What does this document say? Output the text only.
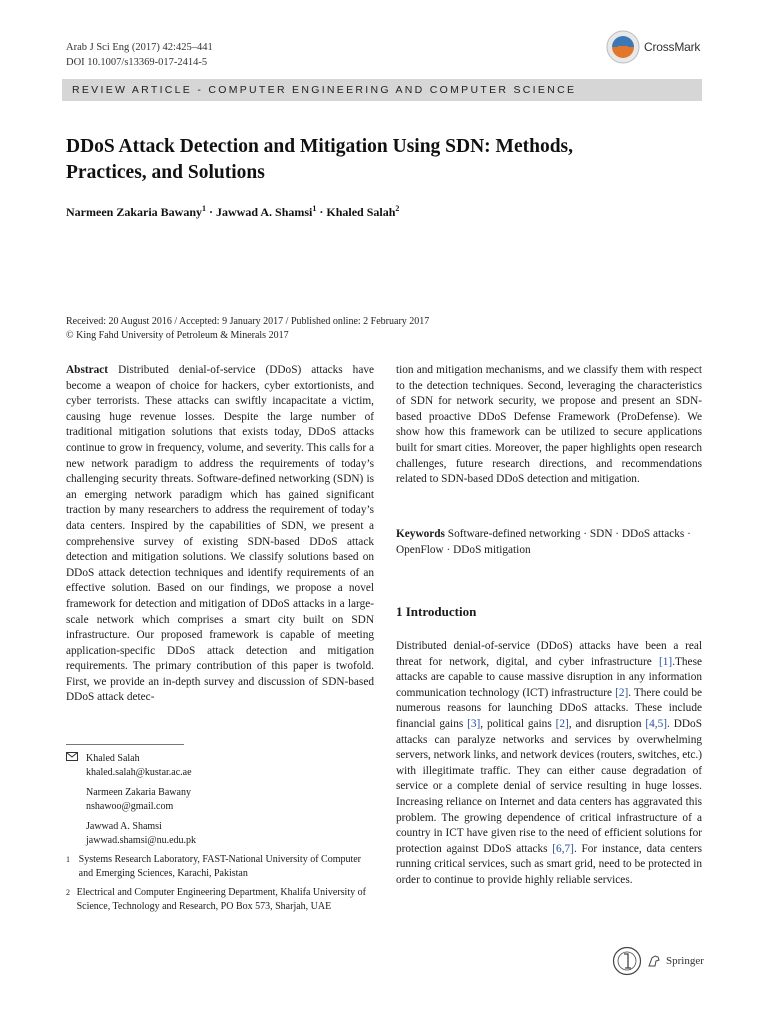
Arab J Sci Eng (2017) 42:425–441
DOI 10.1007/s13369-017-2414-5
CrossMark
REVIEW ARTICLE - COMPUTER ENGINEERING AND COMPUTER SCIENCE
DDoS Attack Detection and Mitigation Using SDN: Methods,
Practices, and Solutions
Narmeen Zakaria Bawany$^1$ · Jawwad A. Shamsi$^1$ · Khaled Salah$^2$
Received: 20 August 2016 / Accepted: 9 January 2017 / Published online: 2 February 2017
© King Fahd University of Petroleum & Minerals 2017
Abstract Distributed denial-of-service (DDoS) attacks have become a weapon of choice for hackers, cyber extortionists, and cyber terrorists. These attacks can swiftly incapacitate a victim, causing huge revenue losses. Despite the large number of traditional mitigation solutions that exists today, DDoS attacks continue to grow in frequency, volume, and severity. This calls for a new network paradigm to address the requirements of today’s challenging security threats. Software-defined networking (SDN) is an emerging network paradigm which has gained significant traction by many researchers to address the requirement of today’s data centers. Inspired by the capabilities of SDN, we present a comprehensive survey of existing SDN-based DDoS attack detection and mitigation solutions. We classify solutions based on DDoS attack detection techniques and identify requirements of an effective solution. Based on our findings, we propose a novel framework for detection and mitigation of DDoS attacks in a large-scale network which comprises a smart city built on SDN infrastructure. Our proposed framework is capable of meeting application-specific DDoS attack detection and mitigation requirements. The primary contribution of this paper is twofold. First, we provide an in-depth survey and discussion of SDN-based DDoS attack detec-
tion and mitigation mechanisms, and we classify them with respect to the detection techniques. Second, leveraging the characteristics of SDN for network security, we propose and present an SDN-based proactive DDoS Defense Framework (ProDefense). We show how this framework can be utilized to secure applications built for smart cities. Moreover, the paper highlights open research challenges, future research directions, and recommendations related to SDN-based DDoS detection and mitigation.
Keywords Software-defined networking · SDN · DDoS attacks · OpenFlow · DDoS mitigation
1 Introduction
Distributed denial-of-service (DDoS) attacks have been a real threat for network, digital, and cyber infrastructure [1].These attacks are capable to cause massive disruption in any information communication technology (ICT) infrastructure [2]. There could be numerous reasons for launching DDoS attacks. These include financial gains [3], political gains [2], and disruption [4,5]. DDoS attacks can paralyze networks and services by overwhelming servers, network links, and network devices (routers, switches, etc.) with illegitimate traffic. They can either cause degradation of service or a complete denial of service resulting in huge losses. Increasing reliance on Internet and data centers has aggravated this problem. The growing dependence of critical infrastructure of a country in ICT have given rise to the need of efficient solutions for protection against DDoS attacks [6,7]. For instance, data centers running critical services, such as smart grid, need to be protected in order to continue to provide highly reliable services.
Khaled Salah
khaled.salah@kustar.ac.ae
Narmeen Zakaria Bawany
nshawoo@gmail.com
Jawwad A. Shamsi
jawwad.shamsi@nu.edu.pk
1 Systems Research Laboratory, FAST-National University of Computer and Emerging Sciences, Karachi, Pakistan
2 Electrical and Computer Engineering Department, Khalifa University of Science, Technology and Research, PO Box 573, Sharjah, UAE
Springer
